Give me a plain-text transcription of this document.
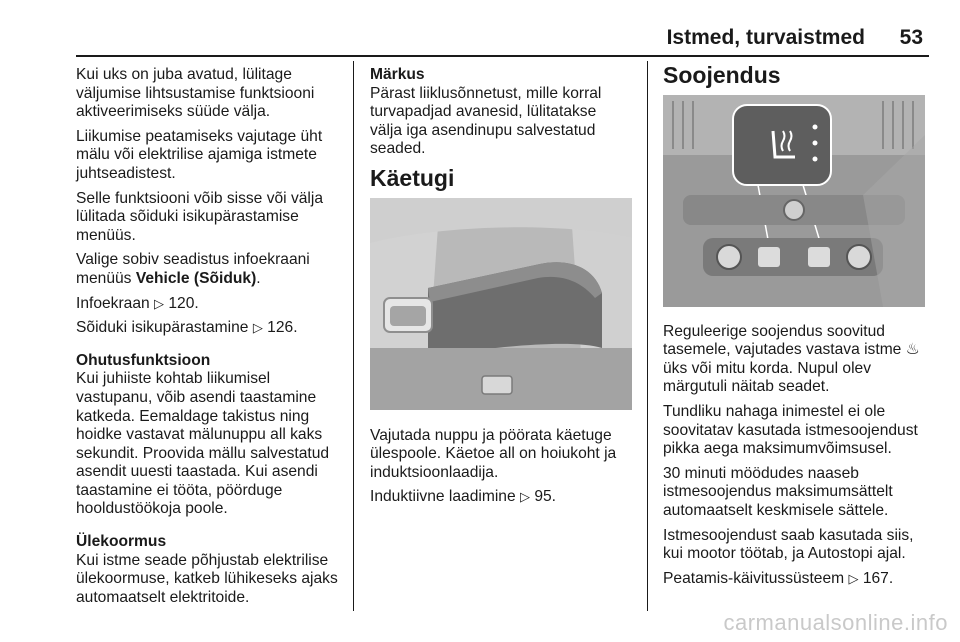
Istmed, turvaistmed 53

Kui uks on juba avatud, lülitage väljumise lihtsustamise funktsiooni aktiveerimiseks süüde välja.

Liikumise peatamiseks vajutage üht mälu või elektrilise ajamiga istmete juhtseadistest.

Selle funktsiooni võib sisse või välja lülitada sõiduki isikupärastamise menüüs.

Valige sobiv seadistus infoekraani menüüs Vehicle (Sõiduk).

Infoekraan ▷ 120.

Sõiduki isikupärastamine ▷ 126.

Ohutusfunktsioon

Kui juhiiste kohtab liikumisel vastupanu, võib asendi taastamine katkeda. Eemaldage takistus ning hoidke vastavat mälunuppu all kaks sekundit. Proovida mällu salvestatud asendit uuesti taastada. Kui asendi taastamine ei tööta, pöörduge hooldustöökoja poole.

Ülekoormus

Kui istme seade põhjustab elektrilise ülekoormuse, katkeb lühikeseks ajaks automaatselt elektritoide.

Märkus

Pärast liiklusõnnetust, mille korral turvapadjad avanesid, lülitatakse välja iga asendinupu salvestatud seaded.

Käetugi

Vajutada nuppu ja pöörata käetuge ülespoole. Käetoe all on hoiukoht ja induktsioonlaadija.

Induktiivne laadimine ▷ 95.

Soojendus

Reguleerige soojendus soovitud tasemele, vajutades vastava istme ♨ üks või mitu korda. Nupul olev märgutuli näitab seadet.

Tundliku nahaga inimestel ei ole soovitatav kasutada istmesoojendust pikka aega maksimumvõimsusel.

30 minuti möödudes naaseb istmesoojendus maksimumsättelt automaatselt keskmisele sättele.

Istmesoojendust saab kasutada siis, kui mootor töötab, ja Autostopi ajal.

Peatamis-käivitussüsteem ▷ 167.

carmanualsonline.info
